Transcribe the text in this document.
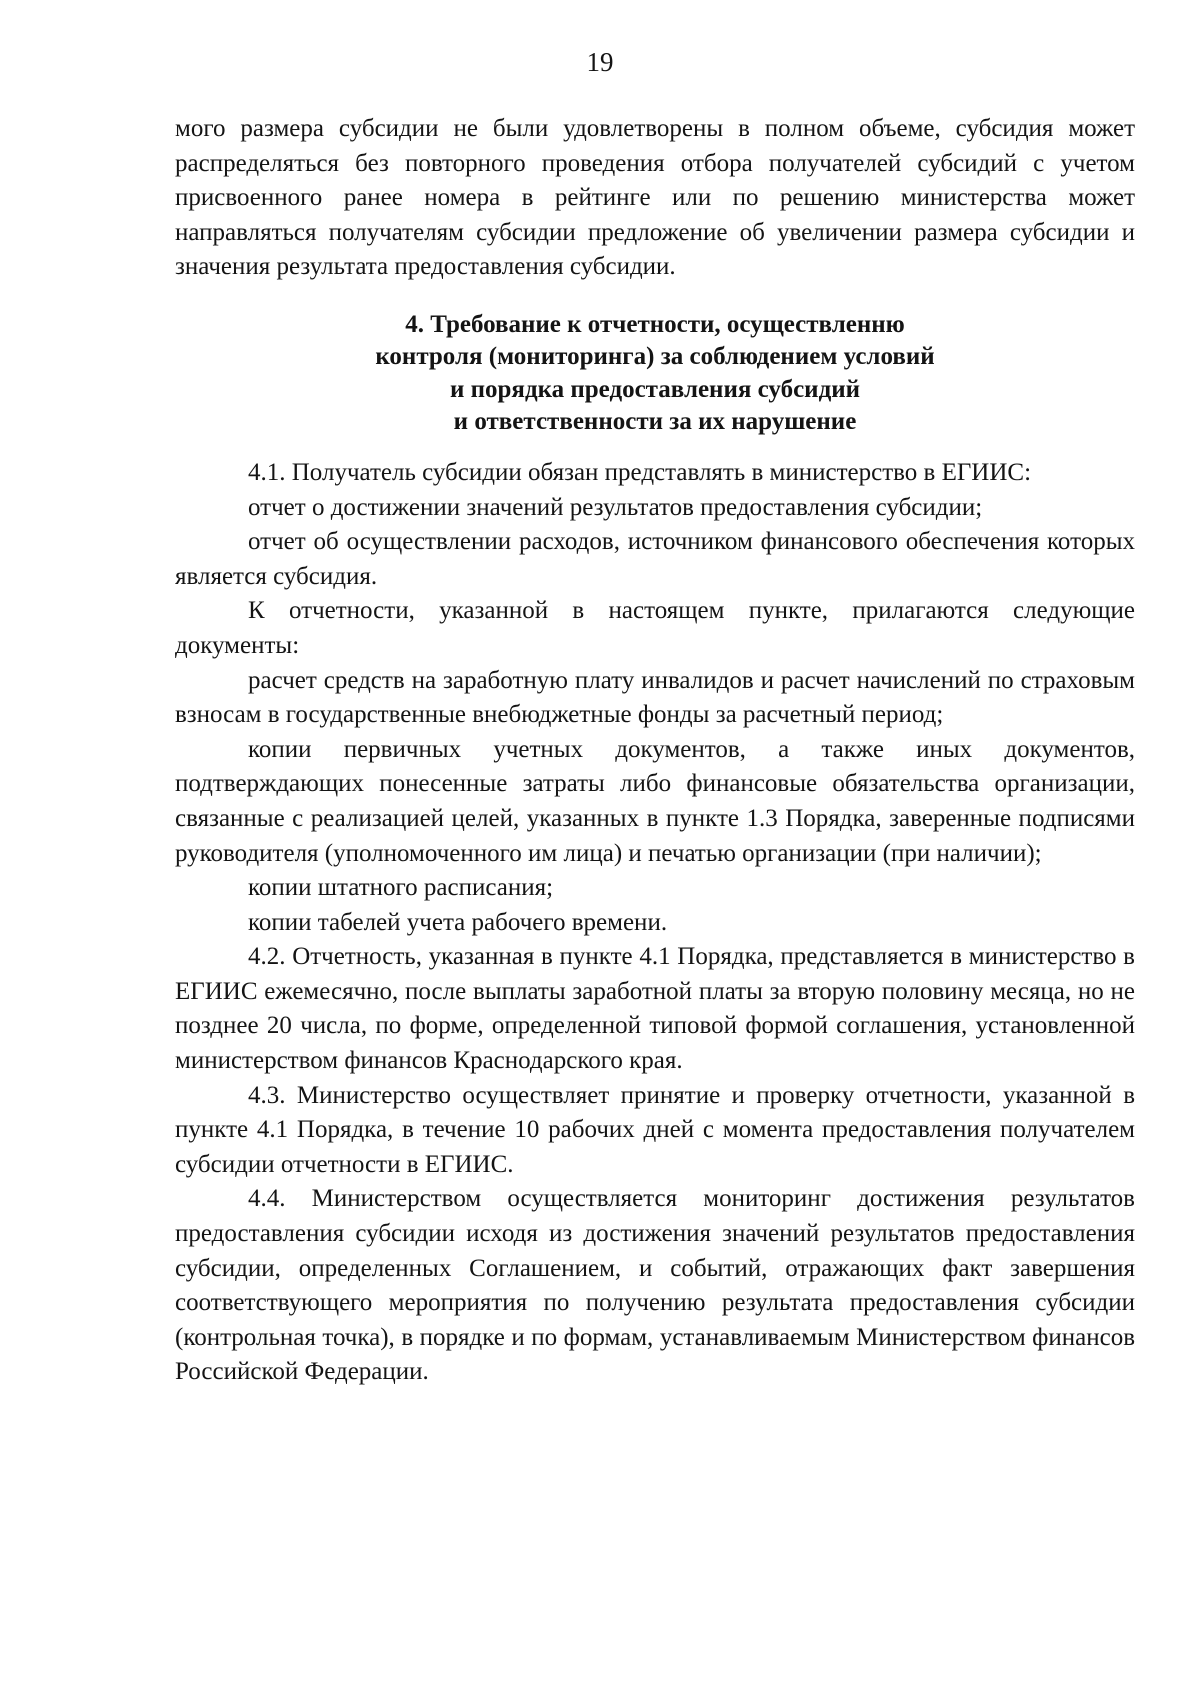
19

мого размера субсидии не были удовлетворены в полном объеме, субсидия может распределяться без повторного проведения отбора получателей субсидий с учетом присвоенного ранее номера в рейтинге или по решению министерства может направляться получателям субсидии предложение об увеличении размера субсидии и значения результата предоставления субсидии.

4. Требование к отчетности, осуществленню
контроля (мониторинга) за соблюдением условий
и порядка предоставления субсидий
и ответственности за их нарушение

4.1. Получатель субсидии обязан представлять в министерство в ЕГИИС:

отчет о достижении значений результатов предоставления субсидии;

отчет об осуществлении расходов, источником финансового обеспечения которых является субсидия.

К отчетности, указанной в настоящем пункте, прилагаются следующие документы:

расчет средств на заработную плату инвалидов и расчет начислений по страховым взносам в государственные внебюджетные фонды за расчетный период;

копии первичных учетных документов, а также иных документов, подтверждающих понесенные затраты либо финансовые обязательства организации, связанные с реализацией целей, указанных в пункте 1.3 Порядка, заверенные подписями руководителя (уполномоченного им лица) и печатью организации (при наличии);

копии штатного расписания;

копии табелей учета рабочего времени.

4.2. Отчетность, указанная в пункте 4.1 Порядка, представляется в министерство в ЕГИИС ежемесячно, после выплаты заработной платы за вторую половину месяца, но не позднее 20 числа, по форме, определенной типовой формой соглашения, установленной министерством финансов Краснодарского края.

4.3. Министерство осуществляет принятие и проверку отчетности, указанной в пункте 4.1 Порядка, в течение 10 рабочих дней с момента предоставления получателем субсидии отчетности в ЕГИИС.

4.4. Министерством осуществляется мониторинг достижения результатов предоставления субсидии исходя из достижения значений результатов предоставления субсидии, определенных Соглашением, и событий, отражающих факт завершения соответствующего мероприятия по получению результата предоставления субсидии (контрольная точка), в порядке и по формам, устанавливаемым Министерством финансов Российской Федерации.
